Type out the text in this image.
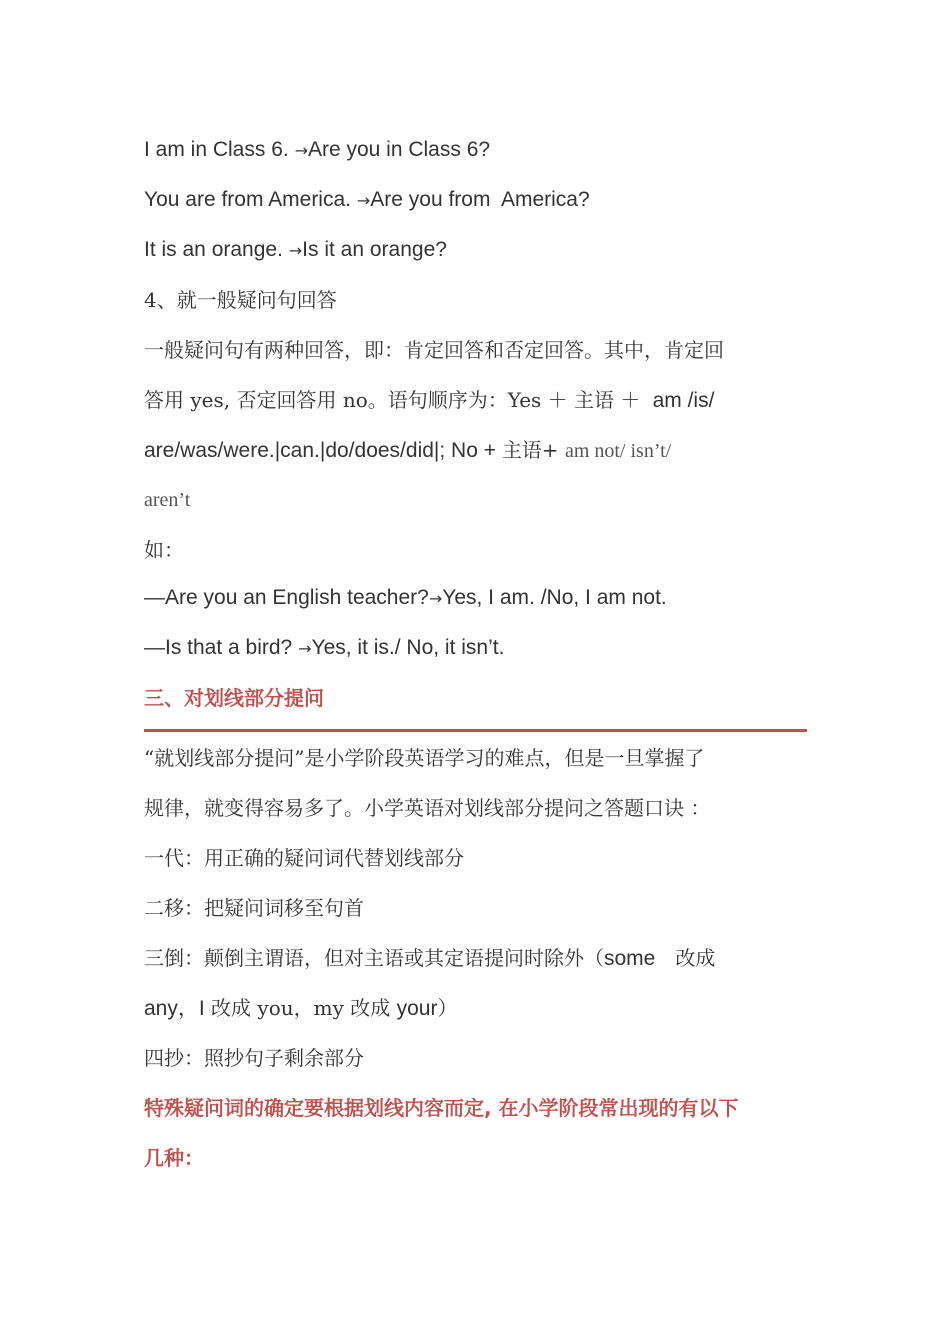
I am in Class 6. →Are you in Class 6?
You are from America. →Are you from  America?
It is an orange. →Is it an orange?
4、就一般疑问句回答
一般疑问句有两种回答，即：肯定回答和否定回答。其中，肯定回
答用 yes, 否定回答用 no。语句顺序为：Yes ＋ 主语 ＋  am /is/
are/was/were.|can.|do/does/did|; No + 主语+ am not/ isn’t/
aren’t
如：
—Are you an English teacher?→Yes, I am. /No, I am not.
—Is that a bird? →Yes, it is./ No, it isn’t.
三、对划线部分提问
“就划线部分提问”是小学阶段英语学习的难点，但是一旦掌握了
规律，就变得容易多了。小学英语对划线部分提问之答题口诀 ：
一代：用正确的疑问词代替划线部分
二移：把疑问词移至句首
三倒：颠倒主谓语，但对主语或其定语提问时除外（some　改成
any，I 改成 you，my 改成 your）
四抄：照抄句子剩余部分
特殊疑问词的确定要根据划线内容而定, 在小学阶段常出现的有以下
几种：
